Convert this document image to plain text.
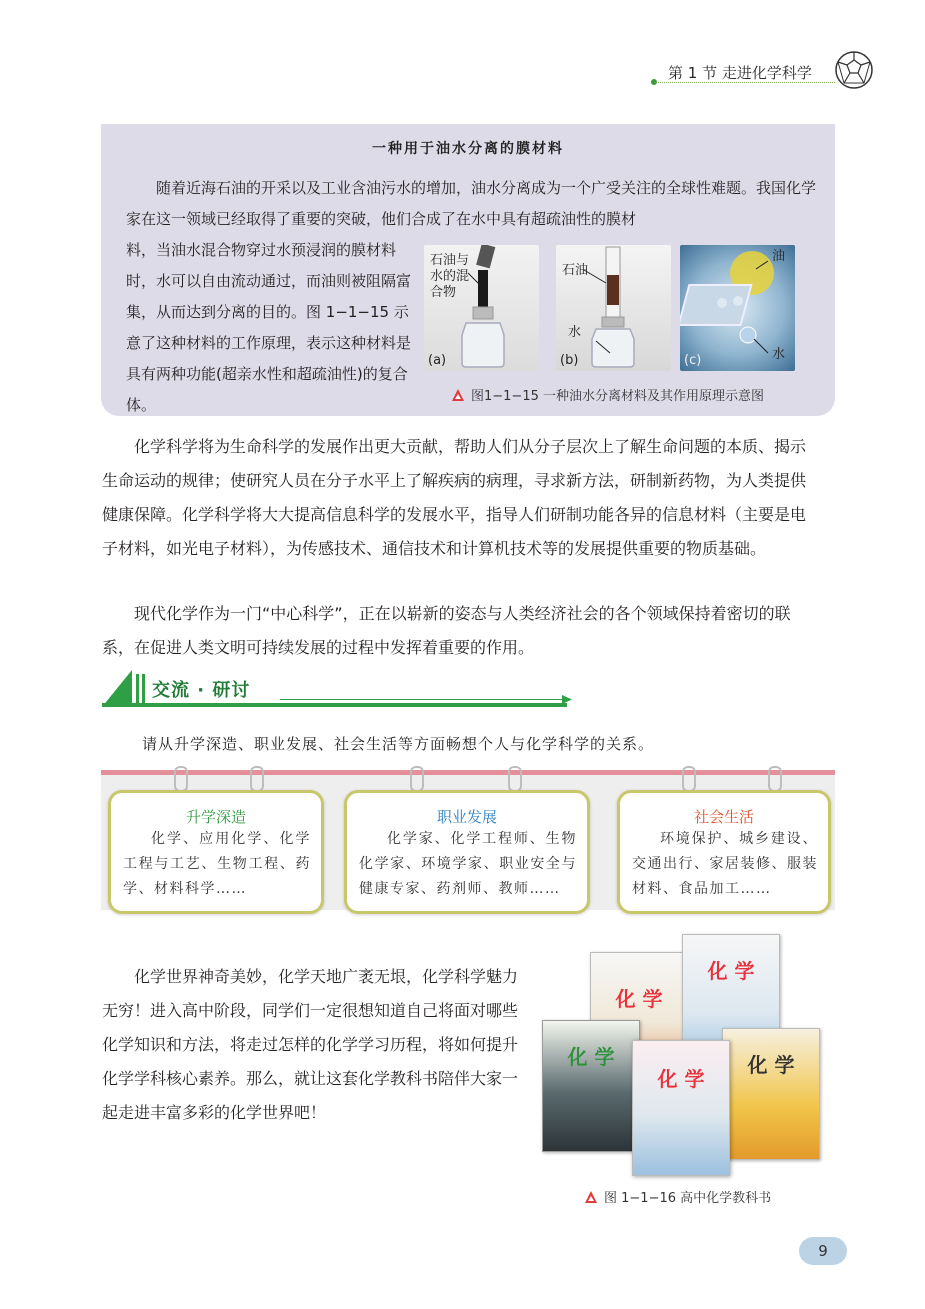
第 1 节 走进化学科学
一种用于油水分离的膜材料
随着近海石油的开采以及工业含油污水的增加，油水分离成为一个广受关注的全球性难题。我国化学家在这一领域已经取得了重要的突破，他们合成了在水中具有超疏油性的膜材
料，当油水混合物穿过水预浸润的膜材料时，水可以自由流动通过，而油则被阻隔富集，从而达到分离的目的。图 1−1−15 示意了这种材料的工作原理，表示这种材料是具有两种功能(超亲水性和超疏油性)的复合体。
石油与
水的混
合物
(a)
石油
水
(b)
油
水
(c)
图1−1−15 一种油水分离材料及其作用原理示意图
化学科学将为生命科学的发展作出更大贡献，帮助人们从分子层次上了解生命问题的本质、揭示生命运动的规律；使研究人员在分子水平上了解疾病的病理，寻求新方法，研制新药物，为人类提供健康保障。化学科学将大大提高信息科学的发展水平，指导人们研制功能各异的信息材料（主要是电子材料，如光电子材料），为传感技术、通信技术和计算机技术等的发展提供重要的物质基础。
现代化学作为一门“中心科学”，正在以崭新的姿态与人类经济社会的各个领域保持着密切的联系，在促进人类文明可持续发展的过程中发挥着重要的作用。
交流 · 研讨
请从升学深造、职业发展、社会生活等方面畅想个人与化学科学的关系。
升学深造
化学、应用化学、化学工程与工艺、生物工程、药学、材料科学……
职业发展
化学家、化学工程师、生物化学家、环境学家、职业安全与健康专家、药剂师、教师……
社会生活
环境保护、城乡建设、交通出行、家居装修、服装材料、食品加工……
化学世界神奇美妙，化学天地广袤无垠，化学科学魅力无穷！进入高中阶段，同学们一定很想知道自己将面对哪些化学知识和方法，将走过怎样的化学学习历程，将如何提升化学学科核心素养。那么，就让这套化学教科书陪伴大家一起走进丰富多彩的化学世界吧！
化 学
化 学
化 学	化 学
化 学
图 1−1−16 高中化学教科书
9
